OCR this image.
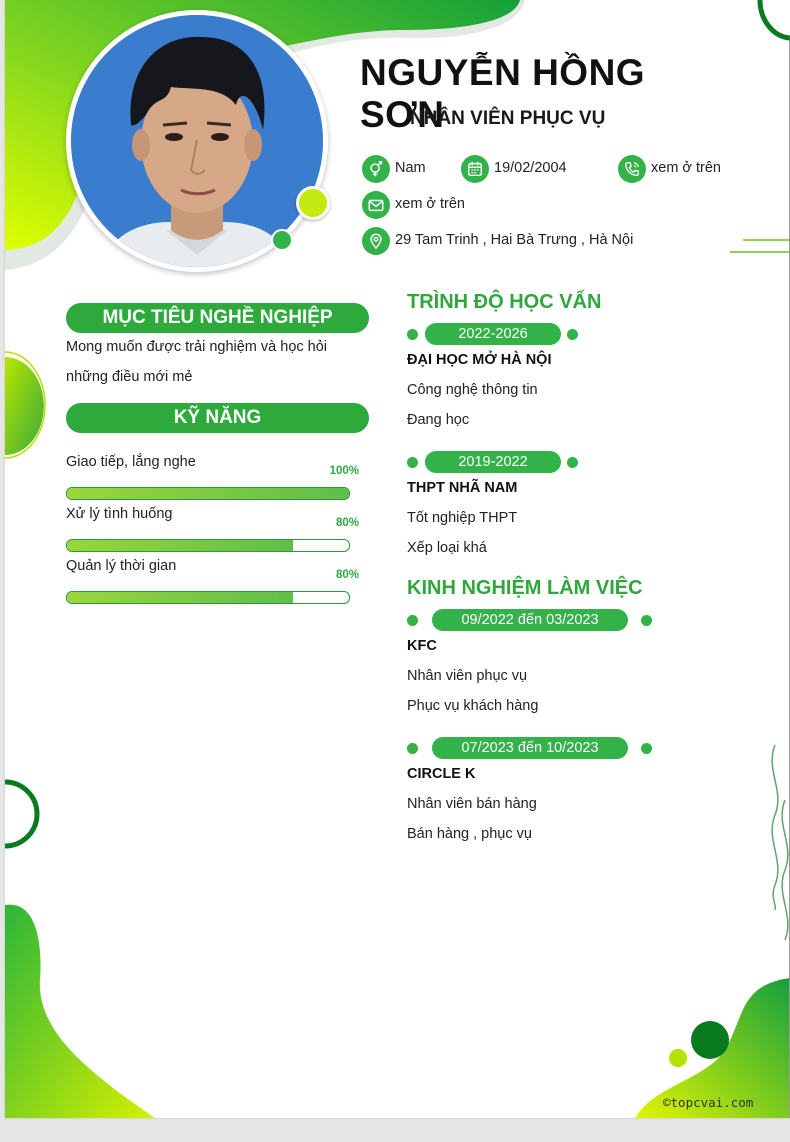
NGUYỄN HỒNG SƠN
NHÂN VIÊN PHỤC VỤ
Nam	19/02/2004	xem ở trên
xem ở trên
29 Tam Trinh , Hai Bà Trưng , Hà Nội
MỤC TIÊU NGHỀ NGHIỆP
Mong muốn được trải nghiệm và học hỏi
những điều mới mẻ
KỸ NĂNG
Giao tiếp, lắng nghe
100%
Xử lý tình huống
80%
Quản lý thời gian
80%
TRÌNH ĐỘ HỌC VẤN
2022-2026
ĐẠI HỌC MỞ HÀ NỘI
Công nghệ thông tin
Đang học
2019-2022
THPT NHÃ NAM
Tốt nghiệp THPT
Xếp loại khá
KINH NGHIỆM LÀM VIỆC
09/2022 đến 03/2023
KFC
Nhân viên phục vụ
Phục vụ khách hàng
07/2023 đến 10/2023
CIRCLE K
Nhân viên bán hàng
Bán hàng , phục vụ
©topcvai.com
